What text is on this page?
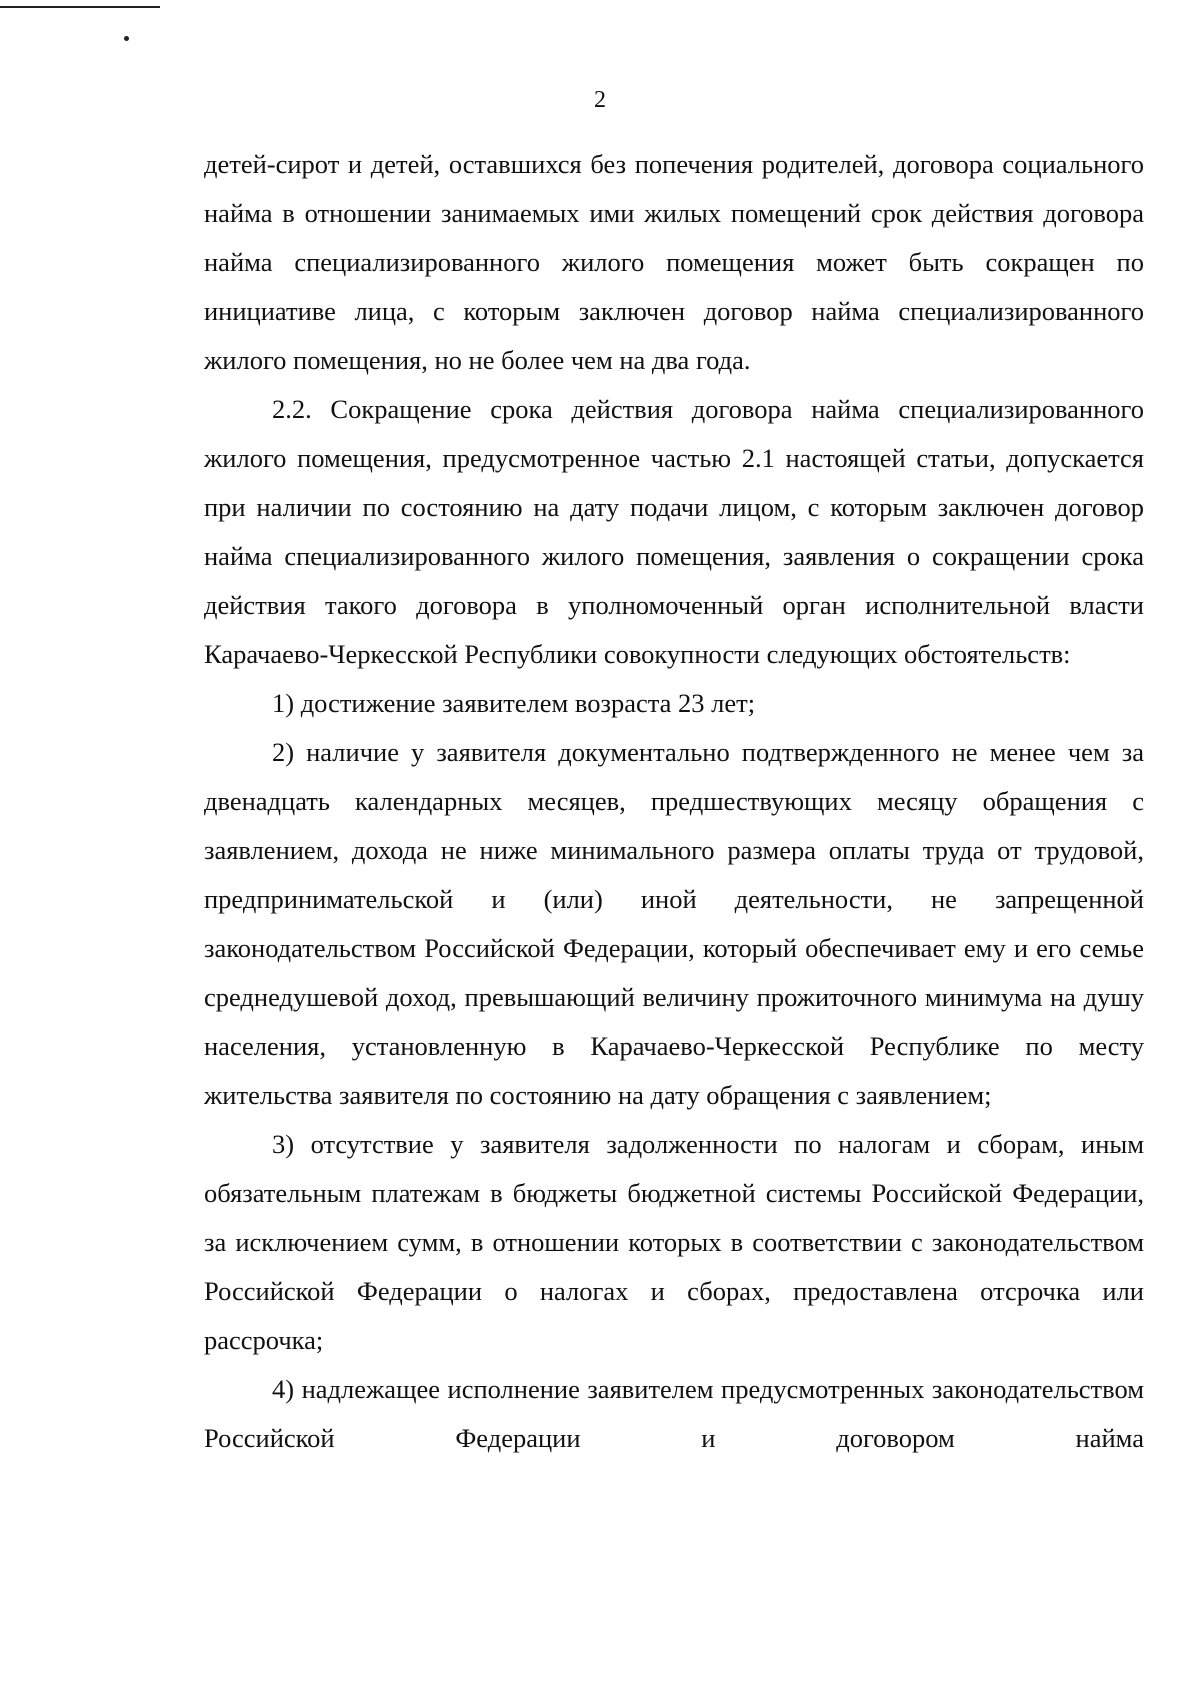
2

детей-сирот и детей, оставшихся без попечения родителей, договора социального найма в отношении занимаемых ими жилых помещений срок действия договора найма специализированного жилого помещения может быть сокращен по инициативе лица, с которым заключен договор найма специализированного жилого помещения, но не более чем на два года.

2.2. Сокращение срока действия договора найма специализированного жилого помещения, предусмотренное частью 2.1 настоящей статьи, допускается при наличии по состоянию на дату подачи лицом, с которым заключен договор найма специализированного жилого помещения, заявления о сокращении срока действия такого договора в уполномоченный орган исполнительной власти Карачаево-Черкесской Республики совокупности следующих обстоятельств:

1) достижение заявителем возраста 23 лет;

2) наличие у заявителя документально подтвержденного не менее чем за двенадцать календарных месяцев, предшествующих месяцу обращения с заявлением, дохода не ниже минимального размера оплаты труда от трудовой, предпринимательской и (или) иной деятельности, не запрещенной законодательством Российской Федерации, который обеспечивает ему и его семье среднедушевой доход, превышающий величину прожиточного минимума на душу населения, установленную в Карачаево-Черкесской Республике по месту жительства заявителя по состоянию на дату обращения с заявлением;

3) отсутствие у заявителя задолженности по налогам и сборам, иным обязательным платежам в бюджеты бюджетной системы Российской Федерации, за исключением сумм, в отношении которых в соответствии с законодательством Российской Федерации о налогах и сборах, предоставлена отсрочка или рассрочка;

4) надлежащее исполнение заявителем предусмотренных законодательством Российской Федерации и договором найма
